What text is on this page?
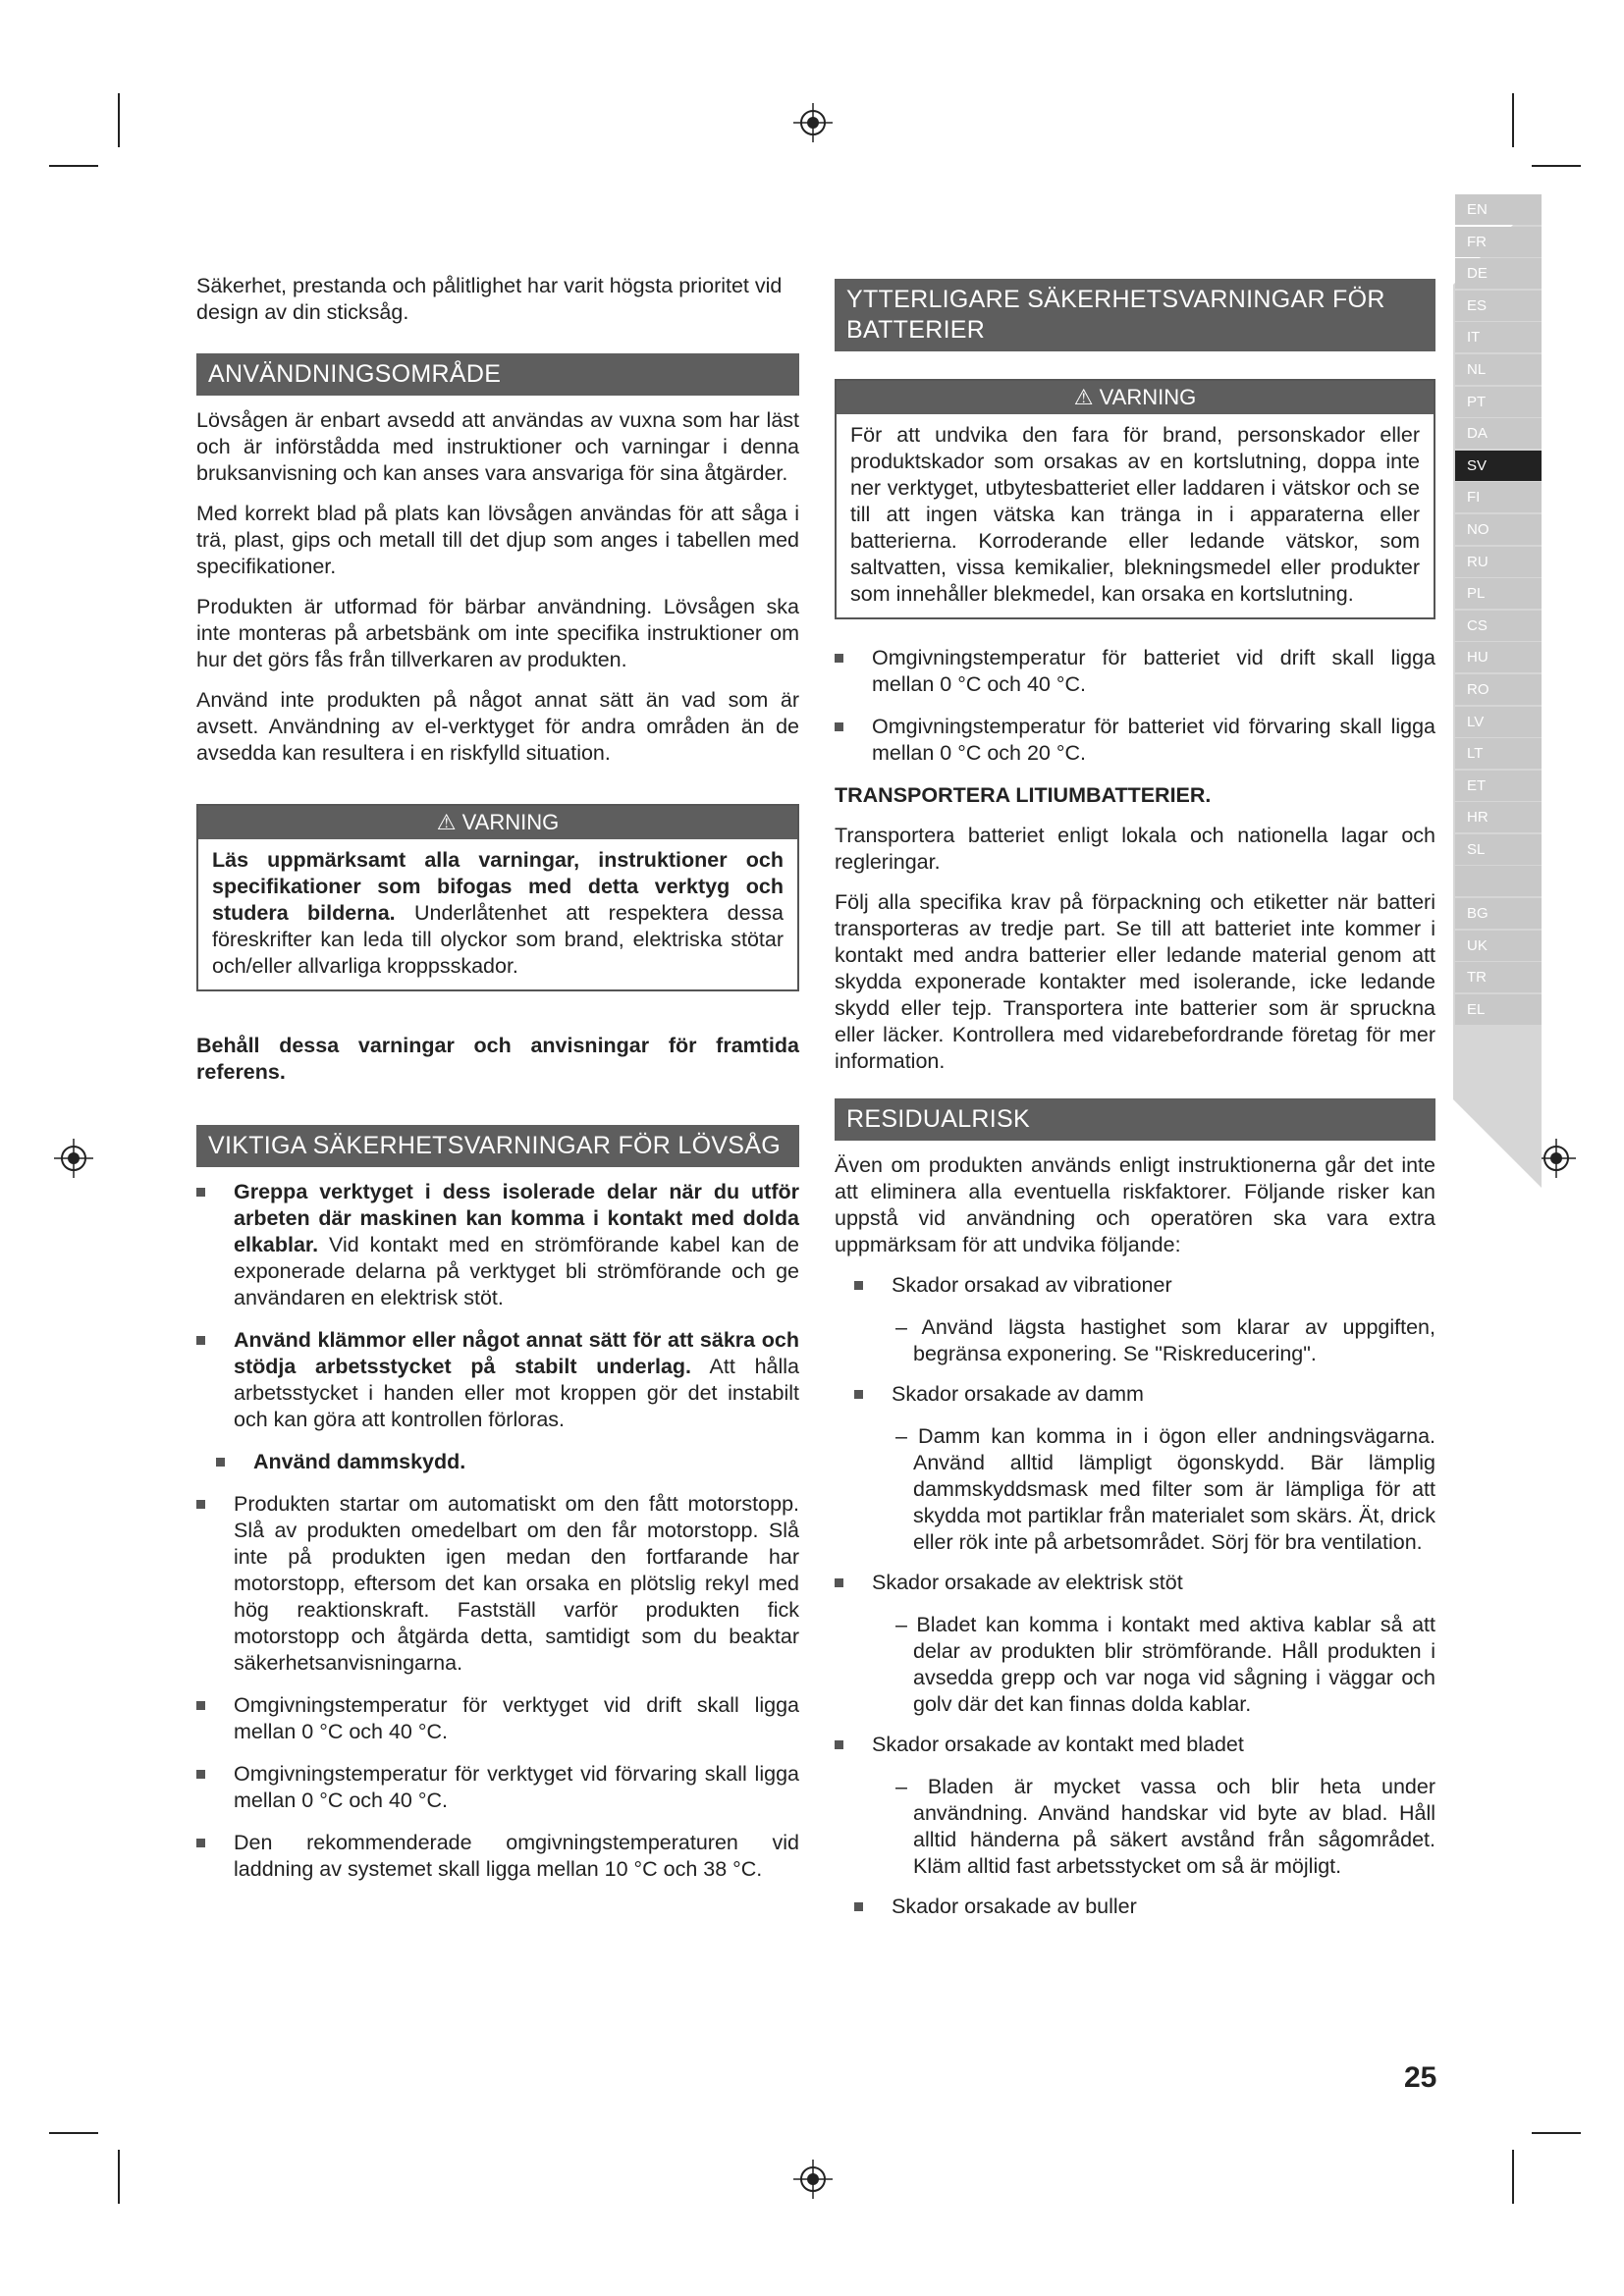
Säkerhet, prestanda och pålitlighet har varit högsta prioritet vid design av din sticksåg.

ANVÄNDNINGSOMRÅDE

Lövsågen är enbart avsedd att användas av vuxna som har läst och är införstådda med instruktioner och varningar i denna bruksanvisning och kan anses vara ansvariga för sina åtgärder.

Med korrekt blad på plats kan lövsågen användas för att såga i trä, plast, gips och metall till det djup som anges i tabellen med specifikationer.

Produkten är utformad för bärbar användning. Lövsågen ska inte monteras på arbetsbänk om inte specifika instruktioner om hur det görs fås från tillverkaren av produkten.

Använd inte produkten på något annat sätt än vad som är avsett. Användning av el-verktyget för andra områden än de avsedda kan resultera i en riskfylld situation.

⚠ VARNING
Läs uppmärksamt alla varningar, instruktioner och specifikationer som bifogas med detta verktyg och studera bilderna. Underlåtenhet att respektera dessa föreskrifter kan leda till olyckor som brand, elektriska stötar och/eller allvarliga kroppsskador.

Behåll dessa varningar och anvisningar för framtida referens.

VIKTIGA SÄKERHETSVARNINGAR FÖR LÖVSÅG
Greppa verktyget i dess isolerade delar när du utför arbeten där maskinen kan komma i kontakt med dolda elkablar. Vid kontakt med en strömförande kabel kan de exponerade delarna på verktyget bli strömförande och ge användaren en elektrisk stöt.
Använd klämmor eller något annat sätt för att säkra och stödja arbetsstycket på stabilt underlag. Att hålla arbetsstycket i handen eller mot kroppen gör det instabilt och kan göra att kontrollen förloras.
Använd dammskydd.
Produkten startar om automatiskt om den fått motorstopp. Slå av produkten omedelbart om den får motorstopp. Slå inte på produkten igen medan den fortfarande har motorstopp, eftersom det kan orsaka en plötslig rekyl med hög reaktionskraft. Fastställ varför produkten fick motorstopp och åtgärda detta, samtidigt som du beaktar säkerhetsanvisningarna.
Omgivningstemperatur för verktyget vid drift skall ligga mellan 0 °C och 40 °C.
Omgivningstemperatur för verktyget vid förvaring skall ligga mellan 0 °C och 40 °C.
Den rekommenderade omgivningstemperaturen vid laddning av systemet skall ligga mellan 10 °C och 38 °C.
YTTERLIGARE SÄKERHETSVARNINGAR FÖR BATTERIER
⚠ VARNING
För att undvika den fara för brand, personskador eller produktskador som orsakas av en kortslutning, doppa inte ner verktyget, utbytesbatteriet eller laddaren i vätskor och se till att ingen vätska kan tränga in i apparaterna eller batterierna. Korroderande eller ledande vätskor, som saltvatten, vissa kemikalier, blekningsmedel eller produkter som innehåller blekmedel, kan orsaka en kortslutning.
Omgivningstemperatur för batteriet vid drift skall ligga mellan 0 °C och 40 °C.
Omgivningstemperatur för batteriet vid förvaring skall ligga mellan 0 °C och 20 °C.

TRANSPORTERA LITIUMBATTERIER.

Transportera batteriet enligt lokala och nationella lagar och regleringar.

Följ alla specifika krav på förpackning och etiketter när batteri transporteras av tredje part. Se till att batteriet inte kommer i kontakt med andra batterier eller ledande material genom att skydda exponerade kontakter med isolerande, icke ledande skydd eller tejp. Transportera inte batterier som är spruckna eller läcker. Kontrollera med vidarebefordrande företag för mer information.

RESIDUALRISK

Även om produkten används enligt instruktionerna går det inte att eliminera alla eventuella riskfaktorer. Följande risker kan uppstå vid användning och operatören ska vara extra uppmärksam för att undvika följande:

Skador orsakad av vibrationer

– Använd lägsta hastighet som klarar av uppgiften, begränsa exponering. Se "Riskreducering".

Skador orsakade av damm

– Damm kan komma in i ögon eller andningsvägarna. Använd alltid lämpligt ögonskydd. Bär lämplig dammskyddsmask med filter som är lämpliga för att skydda mot partiklar från materialet som skärs. Ät, drick eller rök inte på arbetsområdet. Sörj för bra ventilation.

Skador orsakade av elektrisk stöt

– Bladet kan komma i kontakt med aktiva kablar så att delar av produkten blir strömförande. Håll produkten i avsedda grepp och var noga vid sågning i väggar och golv där det kan finnas dolda kablar.

Skador orsakade av kontakt med bladet

– Bladen är mycket vassa och blir heta under användning. Använd handskar vid byte av blad. Håll alltid händerna på säkert avstånd från sågområdet. Kläm alltid fast arbetsstycket om så är möjligt.

Skador orsakade av buller
EN
FR
DE
ES
IT
NL
PT
DA
SV
FI
NO
RU
PL
CS
HU
RO
LV
LT
ET
HR
SL
BG
UK
TR
EL
25
